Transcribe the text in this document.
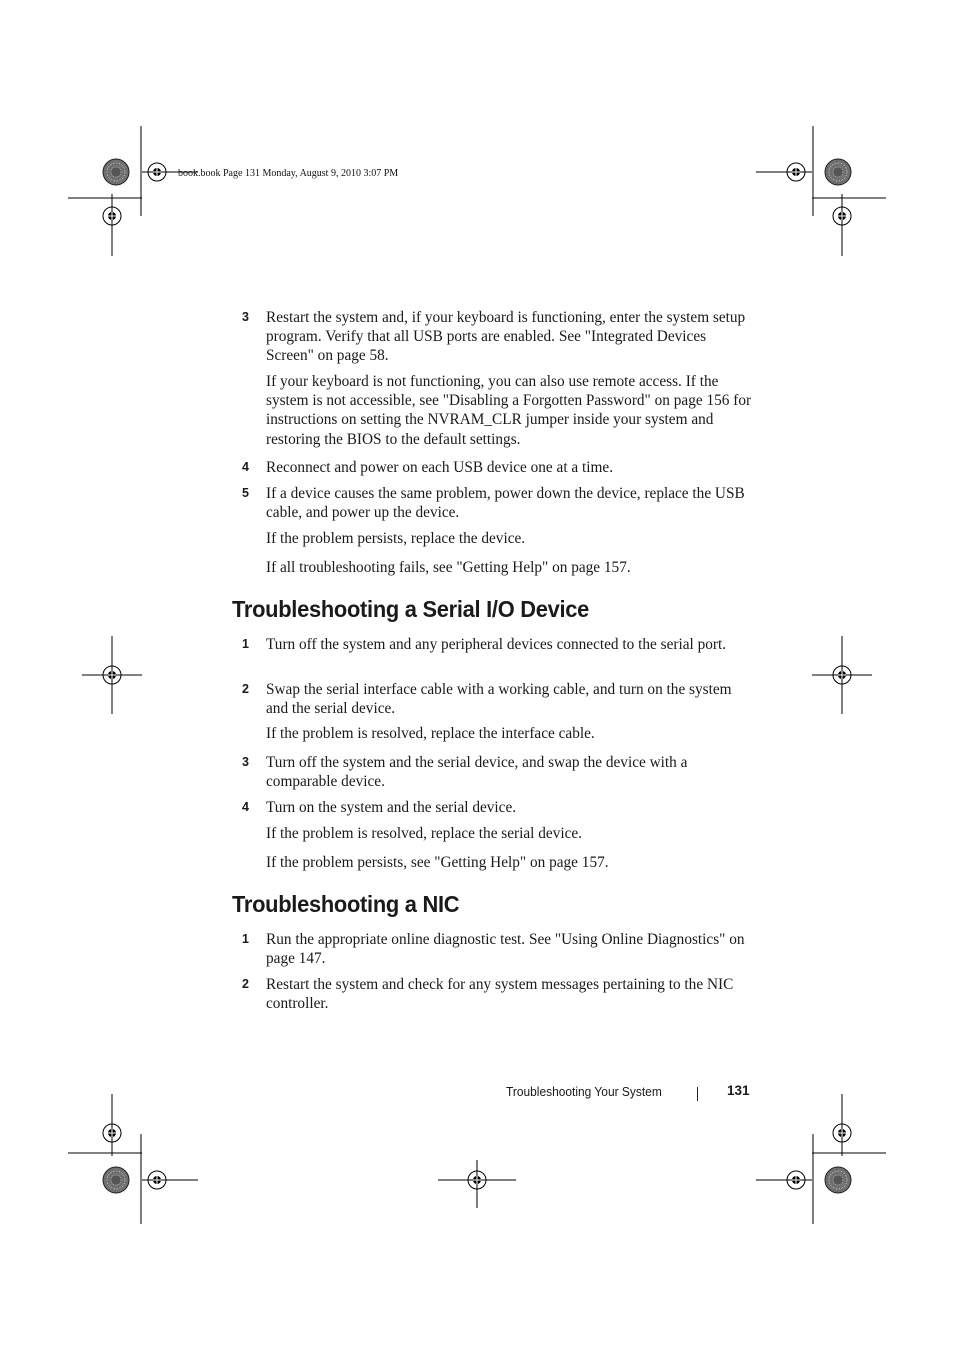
book.book Page 131 Monday, August 9, 2010 3:07 PM
3 Restart the system and, if your keyboard is functioning, enter the system setup program. Verify that all USB ports are enabled. See "Integrated Devices Screen" on page 58.
If your keyboard is not functioning, you can also use remote access. If the system is not accessible, see "Disabling a Forgotten Password" on page 156 for instructions on setting the NVRAM_CLR jumper inside your system and restoring the BIOS to the default settings.
4 Reconnect and power on each USB device one at a time.
5 If a device causes the same problem, power down the device, replace the USB cable, and power up the device.
If the problem persists, replace the device.
If all troubleshooting fails, see "Getting Help" on page 157.
Troubleshooting a Serial I/O Device
1 Turn off the system and any peripheral devices connected to the serial port.
2 Swap the serial interface cable with a working cable, and turn on the system and the serial device.
If the problem is resolved, replace the interface cable.
3 Turn off the system and the serial device, and swap the device with a comparable device.
4 Turn on the system and the serial device.
If the problem is resolved, replace the serial device.
If the problem persists, see "Getting Help" on page 157.
Troubleshooting a NIC
1 Run the appropriate online diagnostic test. See "Using Online Diagnostics" on page 147.
2 Restart the system and check for any system messages pertaining to the NIC controller.
Troubleshooting Your System	131
